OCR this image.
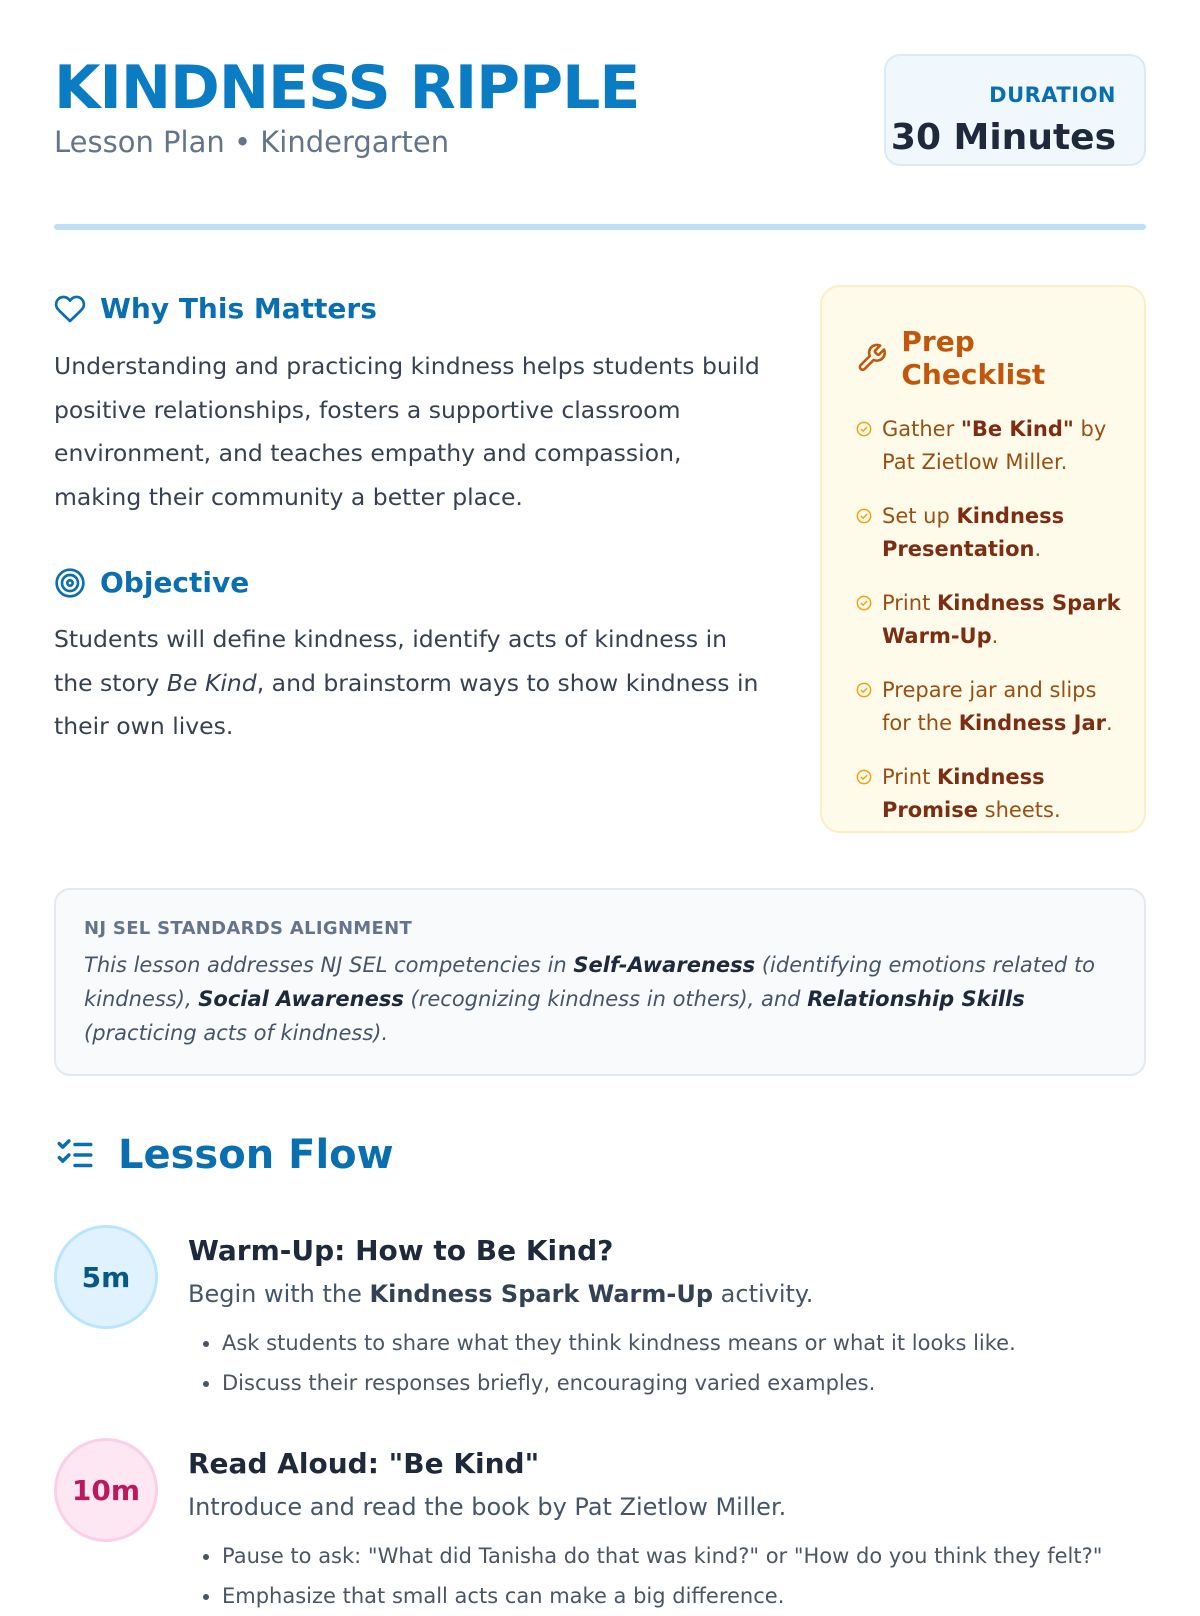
KINDNESS RIPPLE
Lesson Plan • Kindergarten
DURATION
30 Minutes
Why This Matters
Understanding and practicing kindness helps students build positive relationships, fosters a supportive classroom environment, and teaches empathy and compassion, making their community a better place.
Objective
Students will define kindness, identify acts of kindness in the story Be Kind, and brainstorm ways to show kindness in their own lives.
Prep Checklist
Gather "Be Kind" by Pat Zietlow Miller.
Set up Kindness Presentation.
Print Kindness Spark Warm-Up.
Prepare jar and slips for the Kindness Jar.
Print Kindness Promise sheets.
NJ SEL STANDARDS ALIGNMENT
This lesson addresses NJ SEL competencies in Self-Awareness (identifying emotions related to kindness), Social Awareness (recognizing kindness in others), and Relationship Skills (practicing acts of kindness).
Lesson Flow
5m
Warm-Up: How to Be Kind?
Begin with the Kindness Spark Warm-Up activity.
• Ask students to share what they think kindness means or what it looks like.
• Discuss their responses briefly, encouraging varied examples.
10m
Read Aloud: "Be Kind"
Introduce and read the book by Pat Zietlow Miller.
• Pause to ask: "What did Tanisha do that was kind?" or "How do you think they felt?"
• Emphasize that small acts can make a big difference.
